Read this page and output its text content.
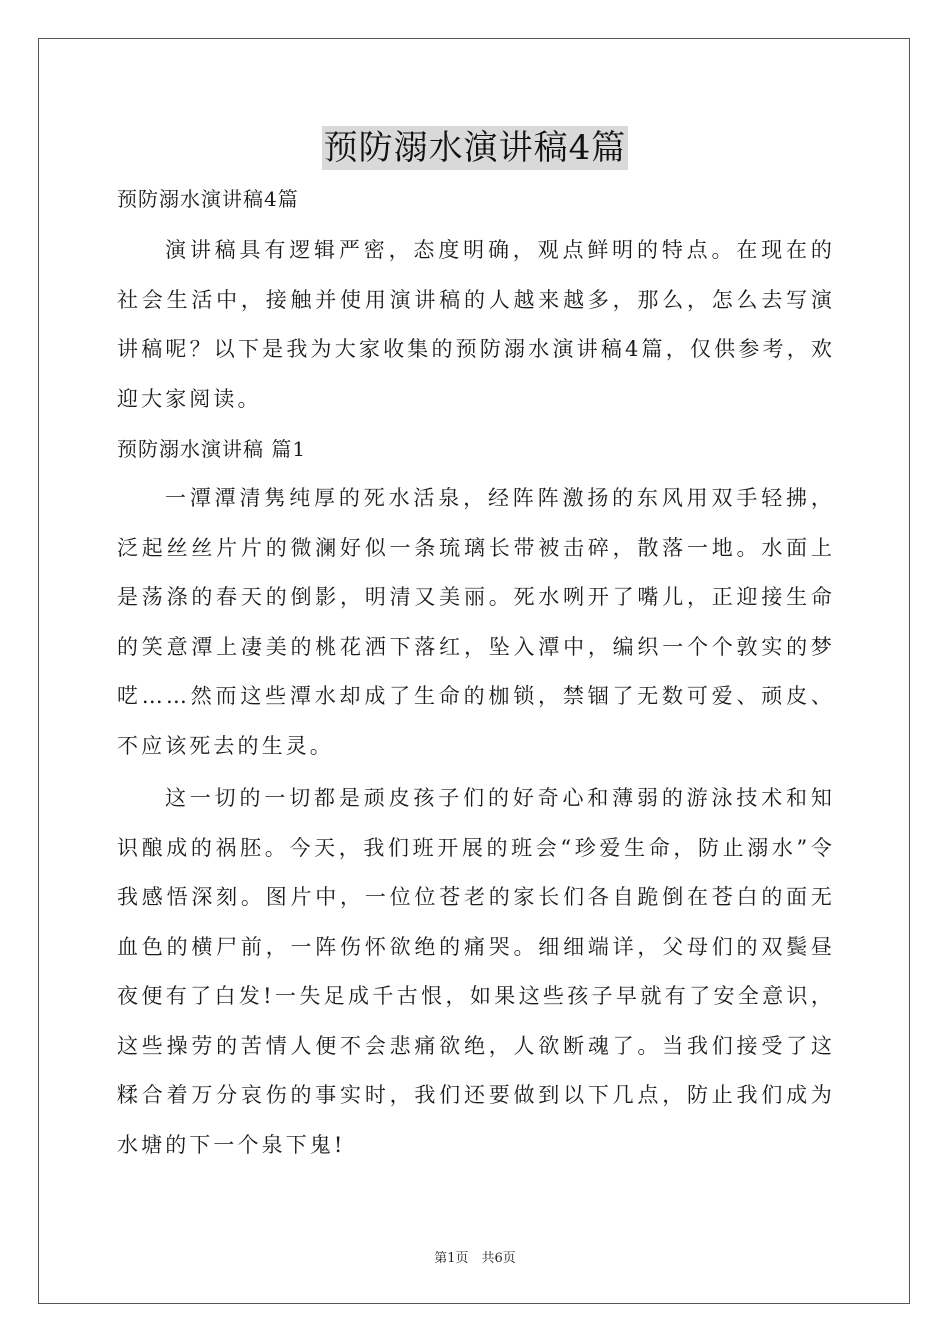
预防溺水演讲稿4篇
预防溺水演讲稿4篇

演讲稿具有逻辑严密，态度明确，观点鲜明的特点。在现在的社会生活中，接触并使用演讲稿的人越来越多，那么，怎么去写演讲稿呢？以下是我为大家收集的预防溺水演讲稿4篇，仅供参考，欢迎大家阅读。

预防溺水演讲稿 篇1

一潭潭清隽纯厚的死水活泉，经阵阵激扬的东风用双手轻拂，泛起丝丝片片的微澜好似一条琉璃长带被击碎，散落一地。水面上是荡涤的春天的倒影，明清又美丽。死水咧开了嘴儿，正迎接生命的笑意潭上凄美的桃花洒下落红，坠入潭中，编织一个个敦实的梦呓……然而这些潭水却成了生命的枷锁，禁锢了无数可爱、顽皮、不应该死去的生灵。

这一切的一切都是顽皮孩子们的好奇心和薄弱的游泳技术和知识酿成的祸胚。今天，我们班开展的班会“珍爱生命，防止溺水”令我感悟深刻。图片中，一位位苍老的家长们各自跪倒在苍白的面无血色的横尸前，一阵伤怀欲绝的痛哭。细细端详，父母们的双鬓昼夜便有了白发!一失足成千古恨，如果这些孩子早就有了安全意识，这些操劳的苦情人便不会悲痛欲绝，人欲断魂了。当我们接受了这糅合着万分哀伤的事实时，我们还要做到以下几点，防止我们成为水塘的下一个泉下鬼!

第1页　共6页
